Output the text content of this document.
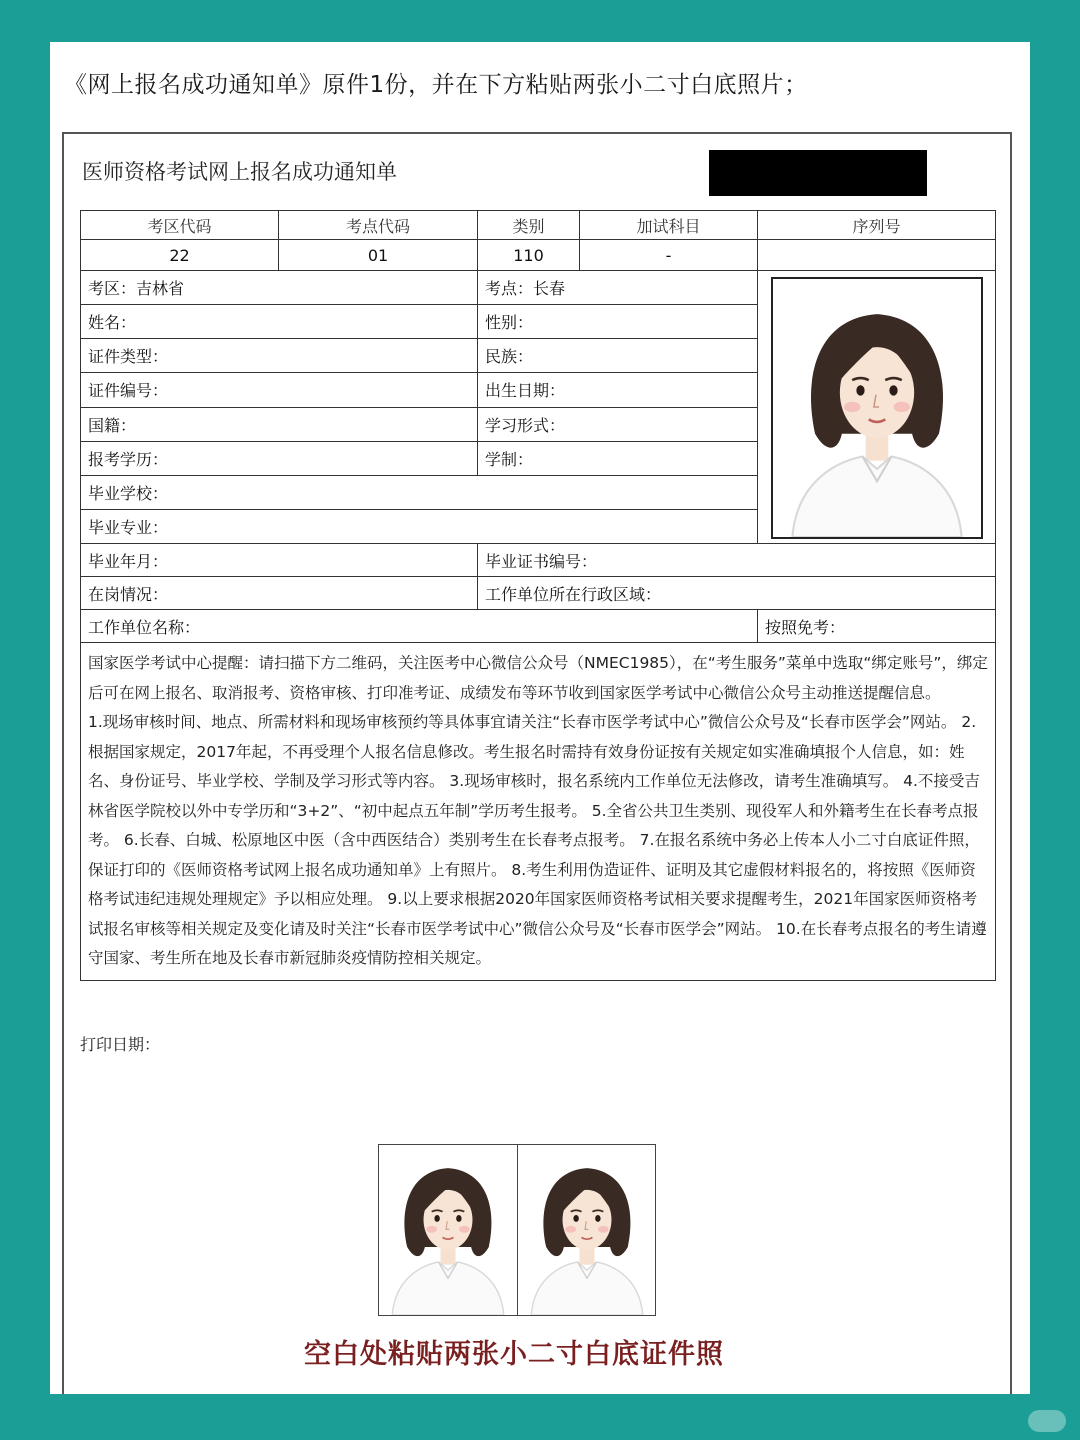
《网上报名成功通知单》原件1份，并在下方粘贴两张小二寸白底照片；
医师资格考试网上报名成功通知单
考区代码	考点代码	类别	加试科目	序列号
22	01	110	-	
考区：吉林省		考点：长春	

姓名：		性别：		
证件类型：		民族：		
证件编号：		出生日期：		
国籍：		学习形式：		
报考学历：		学制：		
毕业学校：				
毕业专业：				
毕业年月：		毕业证书编号：		
在岗情况：		工作单位所在行政区域：		
工作单位名称：				按照免考：

国家医学考试中心提醒：请扫描下方二维码，关注医考中心微信公众号（NMEC1985），在“考生服务”菜单中选取“绑定账号”，绑定后可在网上报名、取消报考、资格审核、打印准考证、成绩发布等环节收到国家医学考试中心微信公众号主动推送提醒信息。

1.现场审核时间、地点、所需材料和现场审核预约等具体事宜请关注“长春市医学考试中心”微信公众号及“长春市医学会”网站。 2. 根据国家规定，2017年起，不再受理个人报名信息修改。考生报名时需持有效身份证按有关规定如实准确填报个人信息，如：姓名、身份证号、毕业学校、学制及学习形式等内容。 3.现场审核时，报名系统内工作单位无法修改，请考生准确填写。 4.不接受吉林省医学院校以外中专学历和“3+2”、“初中起点五年制”学历考生报考。 5.全省公共卫生类别、现役军人和外籍考生在长春考点报考。 6.长春、白城、松原地区中医（含中西医结合）类别考生在长春考点报考。 7.在报名系统中务必上传本人小二寸白底证件照，保证打印的《医师资格考试网上报名成功通知单》上有照片。 8.考生利用伪造证件、证明及其它虚假材料报名的，将按照《医师资格考试违纪违规处理规定》予以相应处理。 9.以上要求根据2020年国家医师资格考试相关要求提醒考生，2021年国家医师资格考试报名审核等相关规定及变化请及时关注“长春市医学考试中心”微信公众号及“长春市医学会”网站。 10.在长春考点报名的考生请遵守国家、考生所在地及长春市新冠肺炎疫情防控相关规定。				

打印日期：
空白处粘贴两张小二寸白底证件照
